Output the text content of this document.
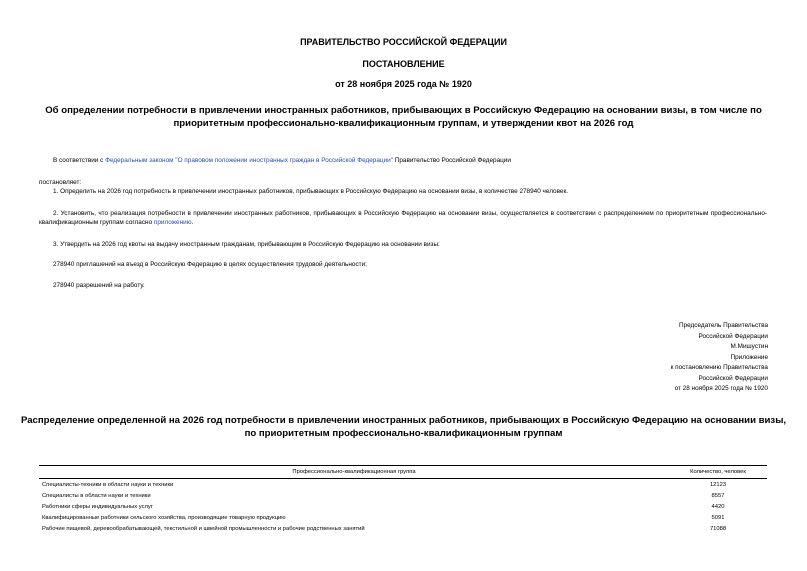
ПРАВИТЕЛЬСТВО РОССИЙСКОЙ ФЕДЕРАЦИИ
ПОСТАНОВЛЕНИЕ
от 28 ноября 2025 года № 1920
Об определении потребности в привлечении иностранных работников, прибывающих в Российскую Федерацию на основании визы, в том числе по приоритетным профессионально-квалификационным группам, и утверждении квот на 2026 год
В соответствии с Федеральным законом "О правовом положении иностранных граждан в Российской Федерации" Правительство Российской Федерации
постановляет:
1. Определить на 2026 год потребность в привлечении иностранных работников, прибывающих в Российскую Федерацию на основании визы, в количестве 278940 человек.
2. Установить, что реализация потребности в привлечении иностранных работников, прибывающих в Российскую Федерацию на основании визы, осуществляется в соответствии с распределением по приоритетным профессионально-квалификационным группам согласно приложению.
3. Утвердить на 2026 год квоты на выдачу иностранным гражданам, прибывающим в Российскую Федерацию на основании визы:
278940 приглашений на въезд в Российскую Федерацию в целях осуществления трудовой деятельности;
278940 разрешений на работу.
Председатель Правительства
Российской Федерации
М.Мишустин
Приложение
к постановлению Правительства
Российской Федерации
от 28 ноября 2025 года № 1920
Распределение определенной на 2026 год потребности в привлечении иностранных работников, прибывающих в Российскую Федерацию на основании визы, по приоритетным профессионально-квалификационным группам
Профессионально-квалификационная группа	Количество, человек
Специалисты-техники в области науки и техники	12123
Специалисты в области науки и техники	8557
Работники сферы индивидуальных услуг	4420
Квалифицированные работники сельского хозяйства, производящие товарную продукцию	5091
Рабочие пищевой, деревообрабатывающей, текстильной и швейной промышленности и рабочие родственных занятий	71088
